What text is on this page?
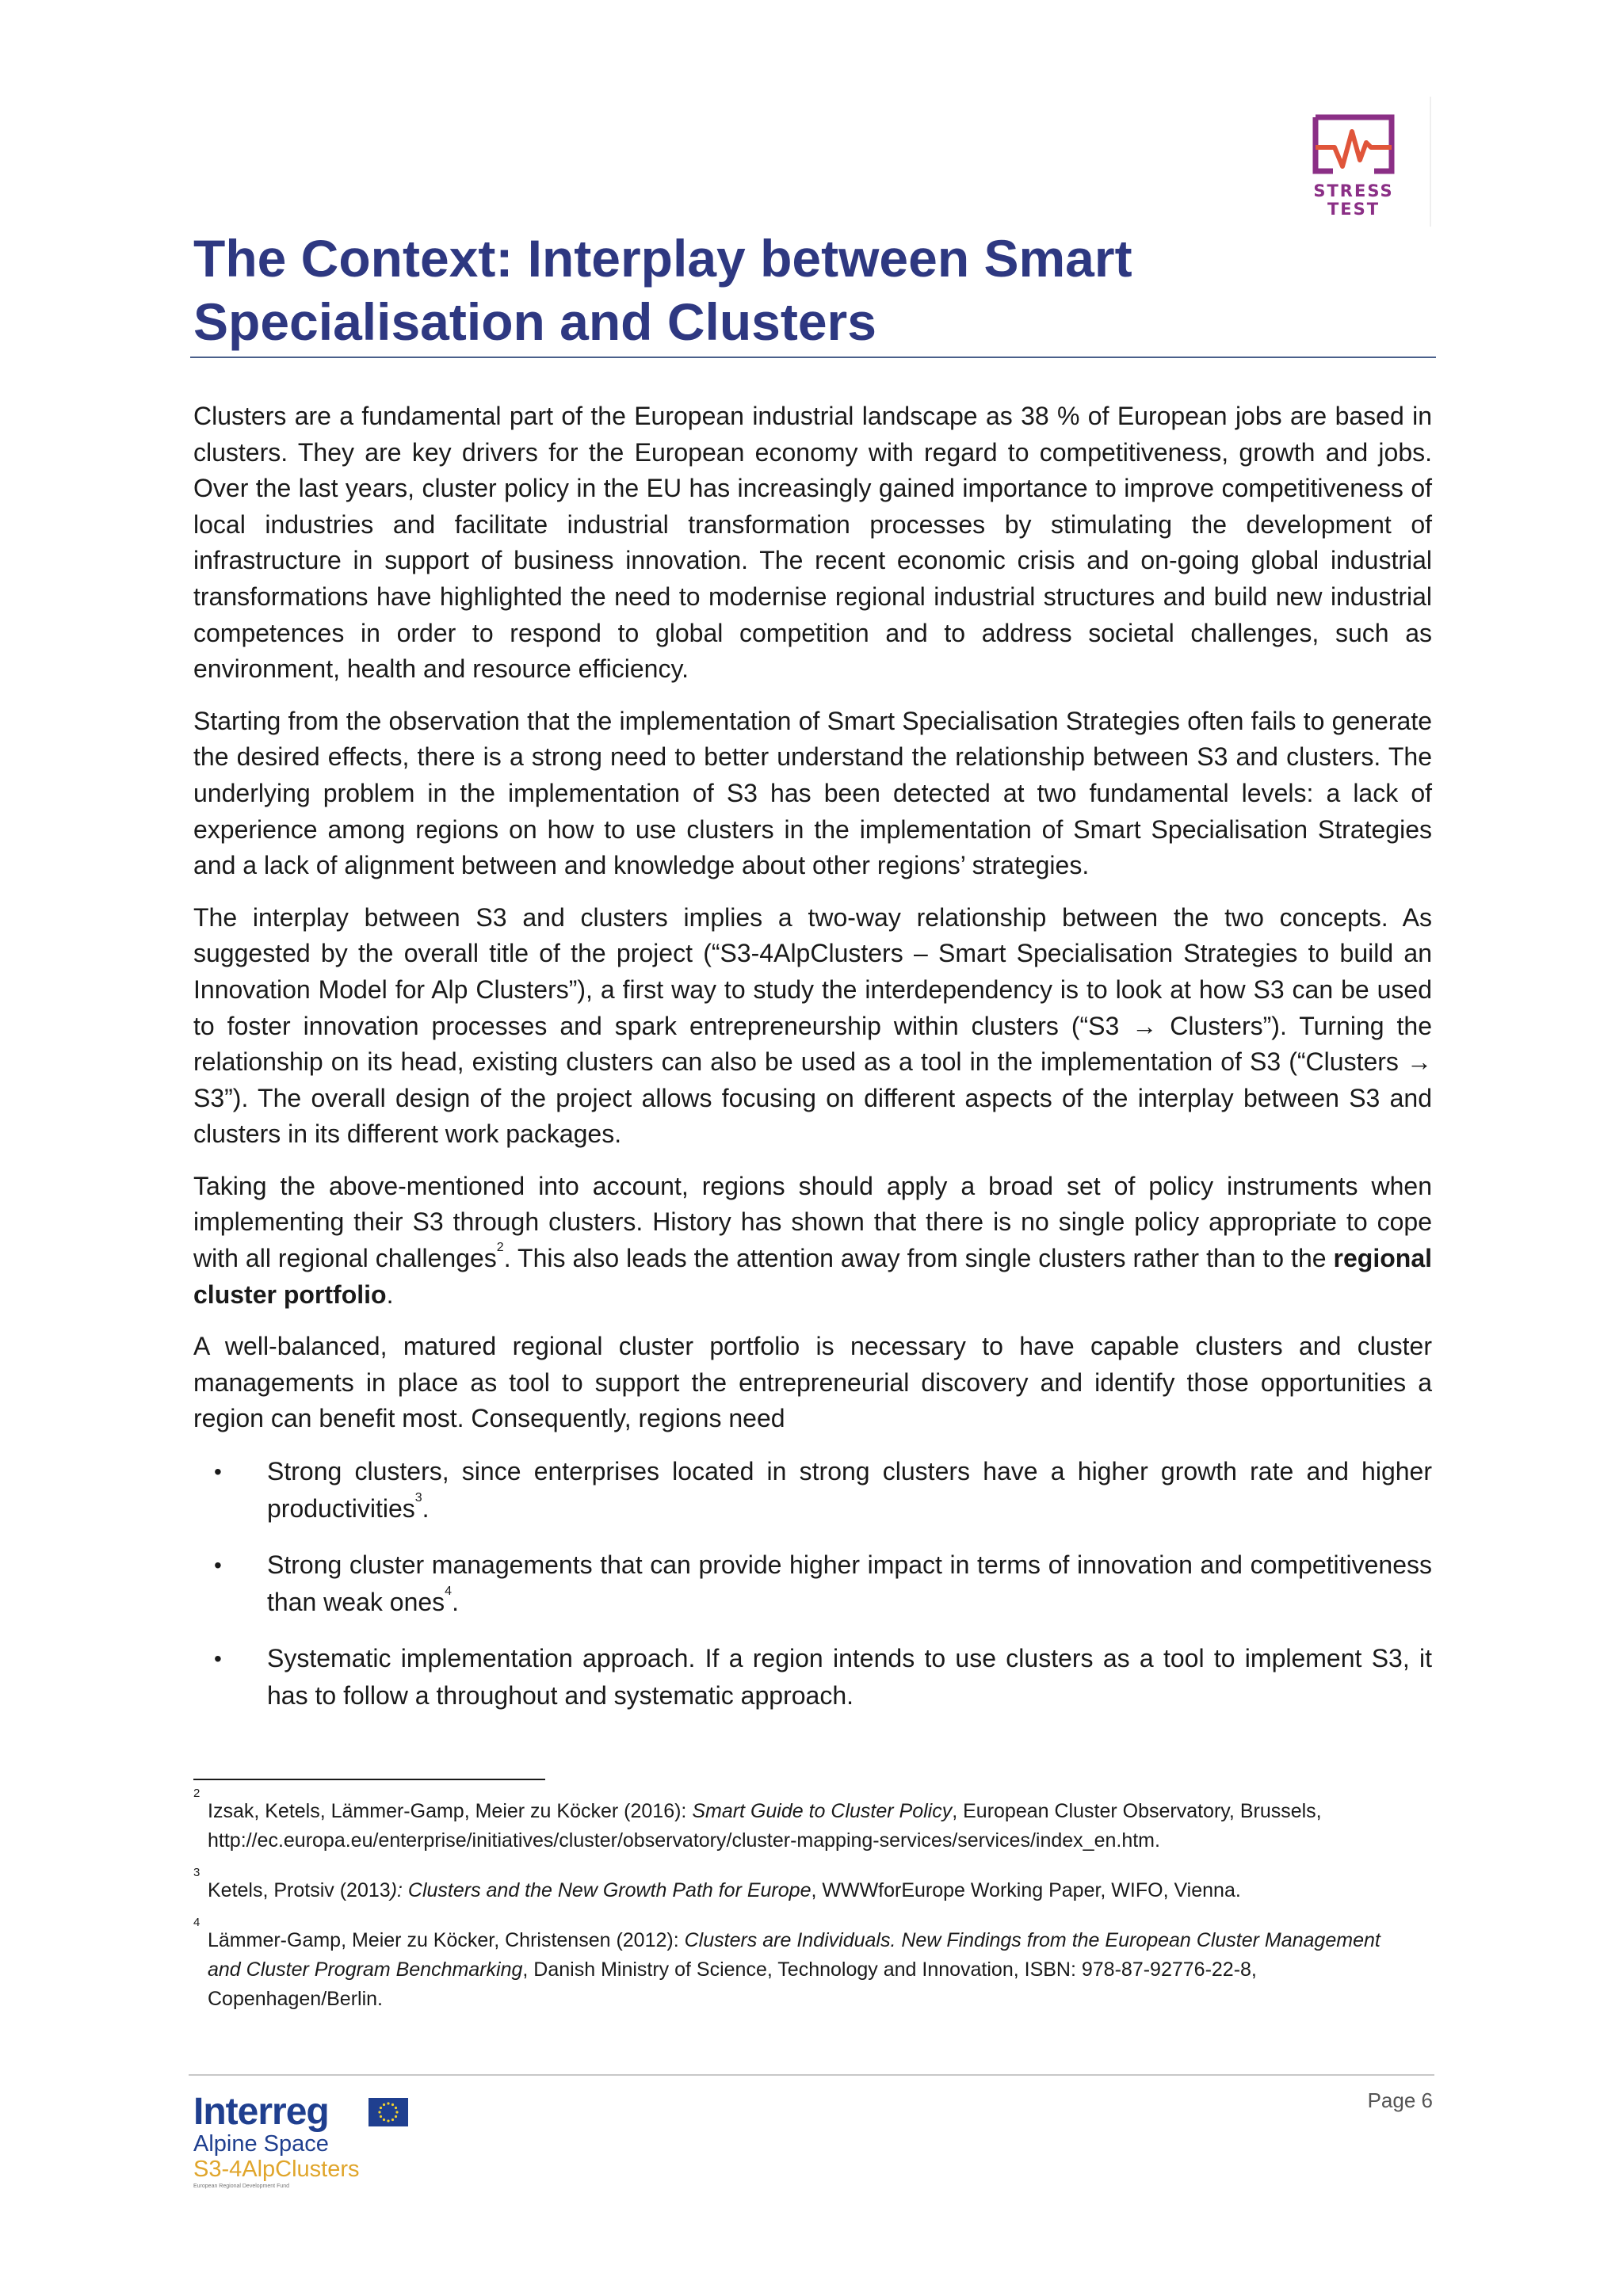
STRESS
TEST
The Context: Interplay between Smart
Specialisation and Clusters

Clusters are a fundamental part of the European industrial landscape as 38 % of European jobs are based in clusters. They are key drivers for the European economy with regard to competitiveness, growth and jobs. Over the last years, cluster policy in the EU has increasingly gained importance to improve competitiveness of local industries and facilitate industrial transformation processes by stimulating the development of infrastructure in support of business innovation. The recent economic crisis and on-going global industrial transformations have highlighted the need to modernise regional industrial structures and build new industrial competences in order to respond to global competition and to address societal challenges, such as environment, health and resource efficiency.

Starting from the observation that the implementation of Smart Specialisation Strategies often fails to generate the desired effects, there is a strong need to better understand the relationship between S3 and clusters. The underlying problem in the implementation of S3 has been detected at two fundamental levels: a lack of experience among regions on how to use clusters in the implementation of Smart Specialisation Strategies and a lack of alignment between and knowledge about other regions’ strategies.

The interplay between S3 and clusters implies a two-way relationship between the two concepts. As suggested by the overall title of the project (“S3-4AlpClusters – Smart Specialisation Strategies to build an Innovation Model for Alp Clusters”), a first way to study the interdependency is to look at how S3 can be used to foster innovation processes and spark entrepreneurship within clusters (“S3 → Clusters”). Turning the relationship on its head, existing clusters can also be used as a tool in the implementation of S3 (“Clusters → S3”). The overall design of the project allows focusing on different aspects of the interplay between S3 and clusters in its different work packages.

Taking the above-mentioned into account, regions should apply a broad set of policy instruments when implementing their S3 through clusters. History has shown that there is no single policy appropriate to cope with all regional challenges$^2$. This also leads the attention away from single clusters rather than to the regional cluster portfolio.

A well-balanced, matured regional cluster portfolio is necessary to have capable clusters and cluster managements in place as tool to support the entrepreneurial discovery and identify those opportunities a region can benefit most. Consequently, regions need

• Strong clusters, since enterprises located in strong clusters have a higher growth rate and higher productivities$^3$.
• Strong cluster managements that can provide higher impact in terms of innovation and competitiveness than weak ones$^4$.
• Systematic implementation approach. If a region intends to use clusters as a tool to implement S3, it has to follow a throughout and systematic approach.
2
Izsak, Ketels, Lämmer-Gamp, Meier zu Köcker (2016): Smart Guide to Cluster Policy, European Cluster Observatory, Brussels, http://ec.europa.eu/enterprise/initiatives/cluster/observatory/cluster-mapping-services/services/index_en.htm.
3
Ketels, Protsiv (2013): Clusters and the New Growth Path for Europe, WWWforEurope Working Paper, WIFO, Vienna.
4
Lämmer-Gamp, Meier zu Köcker, Christensen (2012): Clusters are Individuals. New Findings from the European Cluster Management and Cluster Program Benchmarking, Danish Ministry of Science, Technology and Innovation, ISBN: 978-87-92776-22-8, Copenhagen/Berlin.
Interreg
Alpine Space
S3-4AlpClusters
European Regional Development Fund
Page 6
